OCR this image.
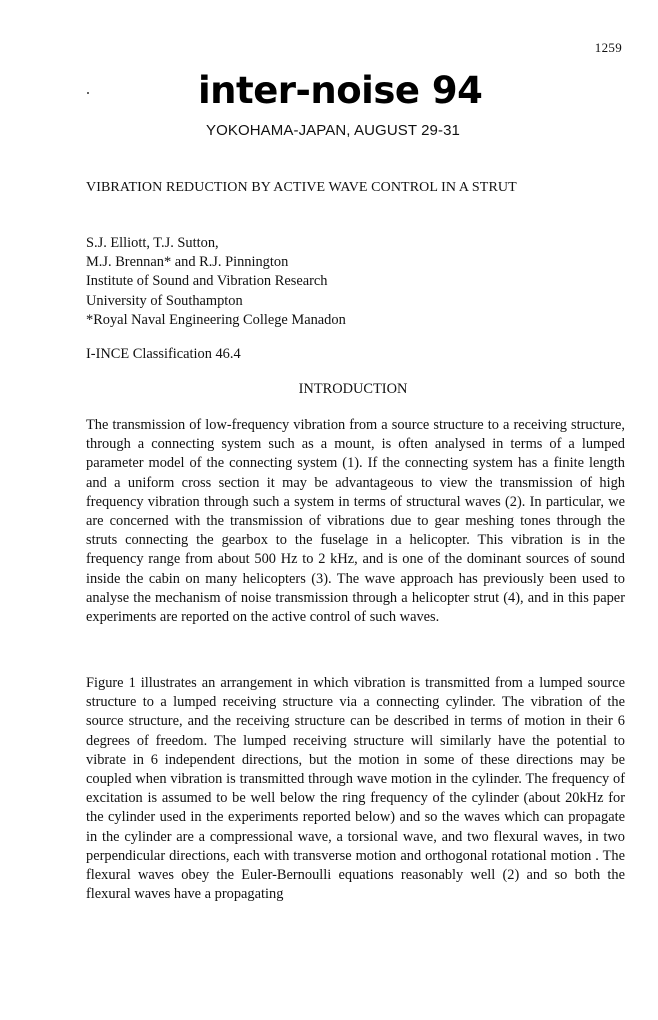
1259
inter-noise 94
YOKOHAMA-JAPAN, AUGUST 29-31
VIBRATION REDUCTION BY ACTIVE WAVE CONTROL IN A STRUT
S.J. Elliott, T.J. Sutton,
M.J. Brennan* and R.J. Pinnington
Institute of Sound and Vibration Research
University of Southampton
*Royal Naval Engineering College Manadon
I-INCE Classification 46.4
INTRODUCTION
The transmission of low-frequency vibration from a source structure to a receiving structure, through a connecting system such as a mount, is often analysed in terms of a lumped parameter model of the connecting system (1). If the connecting system has a finite length and a uniform cross section it may be advantageous to view the transmission of high frequency vibration through such a system in terms of structural waves (2). In particular, we are concerned with the transmission of vibrations due to gear meshing tones through the struts connecting the gearbox to the fuselage in a helicopter. This vibration is in the frequency range from about 500 Hz to 2 kHz, and is one of the dominant sources of sound inside the cabin on many helicopters (3). The wave approach has previously been used to analyse the mechanism of noise transmission through a helicopter strut (4), and in this paper experiments are reported on the active control of such waves.
Figure 1 illustrates an arrangement in which vibration is transmitted from a lumped source structure to a lumped receiving structure via a connecting cylinder. The vibration of the source structure, and the receiving structure can be described in terms of motion in their 6 degrees of freedom. The lumped receiving structure will similarly have the potential to vibrate in 6 independent directions, but the motion in some of these directions may be coupled when vibration is transmitted through wave motion in the cylinder. The frequency of excitation is assumed to be well below the ring frequency of the cylinder (about 20kHz for the cylinder used in the experiments reported below) and so the waves which can propagate in the cylinder are a compressional wave, a torsional wave, and two flexural waves, in two perpendicular directions, each with transverse motion and orthogonal rotational motion . The flexural waves obey the Euler-Bernoulli equations reasonably well (2) and so both the flexural waves have a propagating
